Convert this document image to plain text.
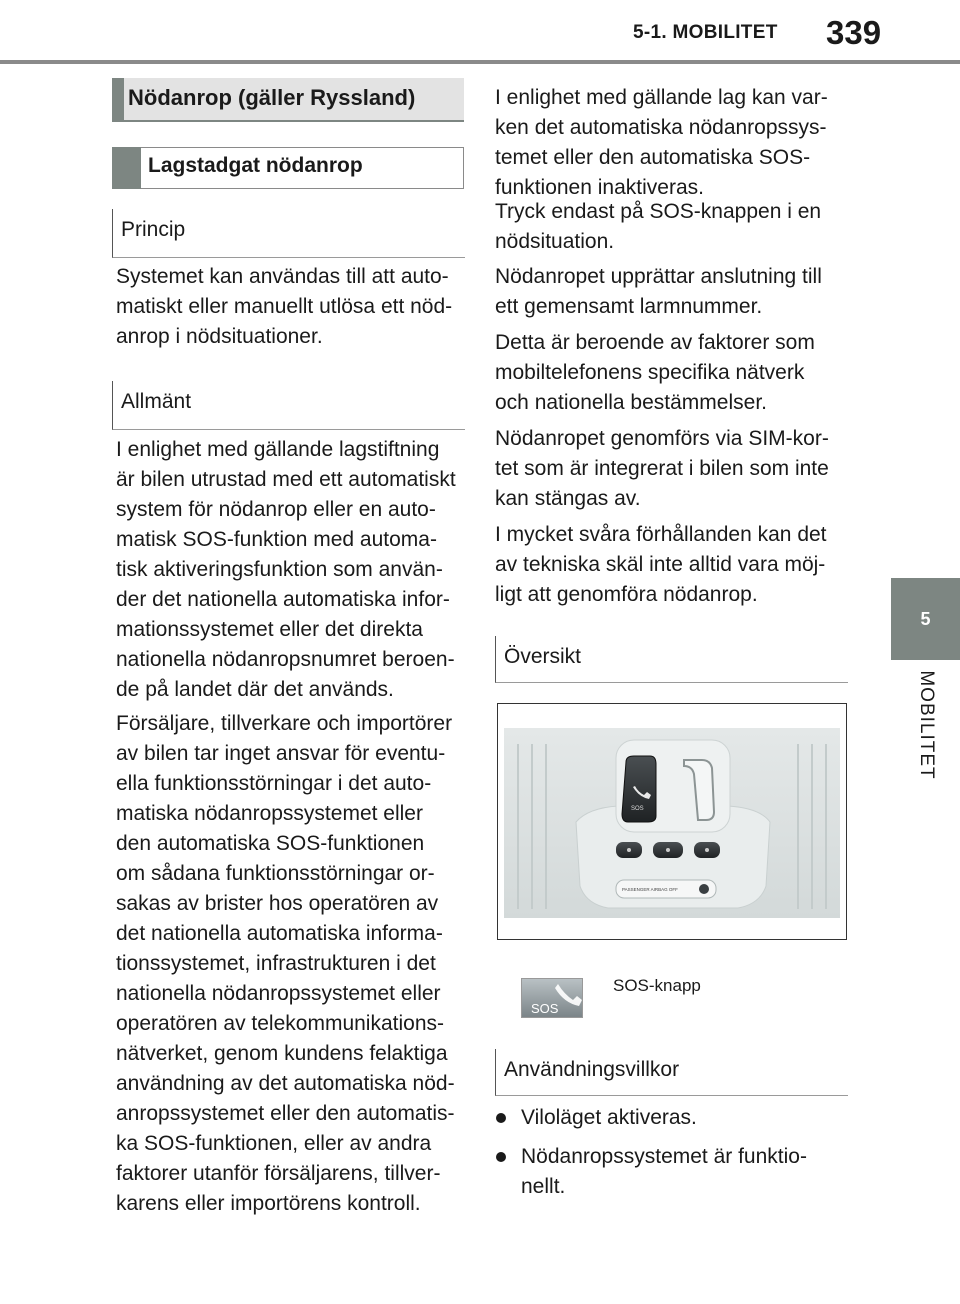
5-1. MOBILITET 339
5
MOBILITET
Nödanrop (gäller Ryssland)
Lagstadgat nödanrop
Princip
Systemet kan användas till att auto-
matiskt eller manuellt utlösa ett nöd-
anrop i nödsituationer.
Allmänt
I enlighet med gällande lagstiftning
är bilen utrustad med ett automatiskt
system för nödanrop eller en auto-
matisk SOS-funktion med automa-
tisk aktiveringsfunktion som använ-
der det nationella automatiska infor-
mationssystemet eller det direkta
nationella nödanropsnumret beroen-
de på landet där det används.
Försäljare, tillverkare och importörer
av bilen tar inget ansvar för eventu-
ella funktionsstörningar i det auto-
matiska nödanropssystemet eller
den automatiska SOS-funktionen
om sådana funktionsstörningar or-
sakas av brister hos operatören av
det nationella automatiska informa-
tionssystemet, infrastrukturen i det
nationella nödanropssystemet eller
operatören av telekommunikations-
nätverket, genom kundens felaktiga
användning av det automatiska nöd-
anropssystemet eller den automatis-
ka SOS-funktionen, eller av andra
faktorer utanför försäljarens, tillver-
karens eller importörens kontroll.
I enlighet med gällande lag kan var-
ken det automatiska nödanropssys-
temet eller den automatiska SOS-
funktionen inaktiveras.
Tryck endast på SOS-knappen i en
nödsituation.
Nödanropet upprättar anslutning till
ett gemensamt larmnummer.
Detta är beroende av faktorer som
mobiltelefonens specifika nätverk
och nationella bestämmelser.
Nödanropet genomförs via SIM-kor-
tet som är integrerat i bilen som inte
kan stängas av.
I mycket svåra förhållanden kan det
av tekniska skäl inte alltid vara möj-
ligt att genomföra nödanrop.
Översikt
SOS
PASSENGER AIRBAG OFF
SOS
SOS-knapp
Användningsvillkor
Viloläget aktiveras.
Nödanropssystemet är funktio-
nellt.
